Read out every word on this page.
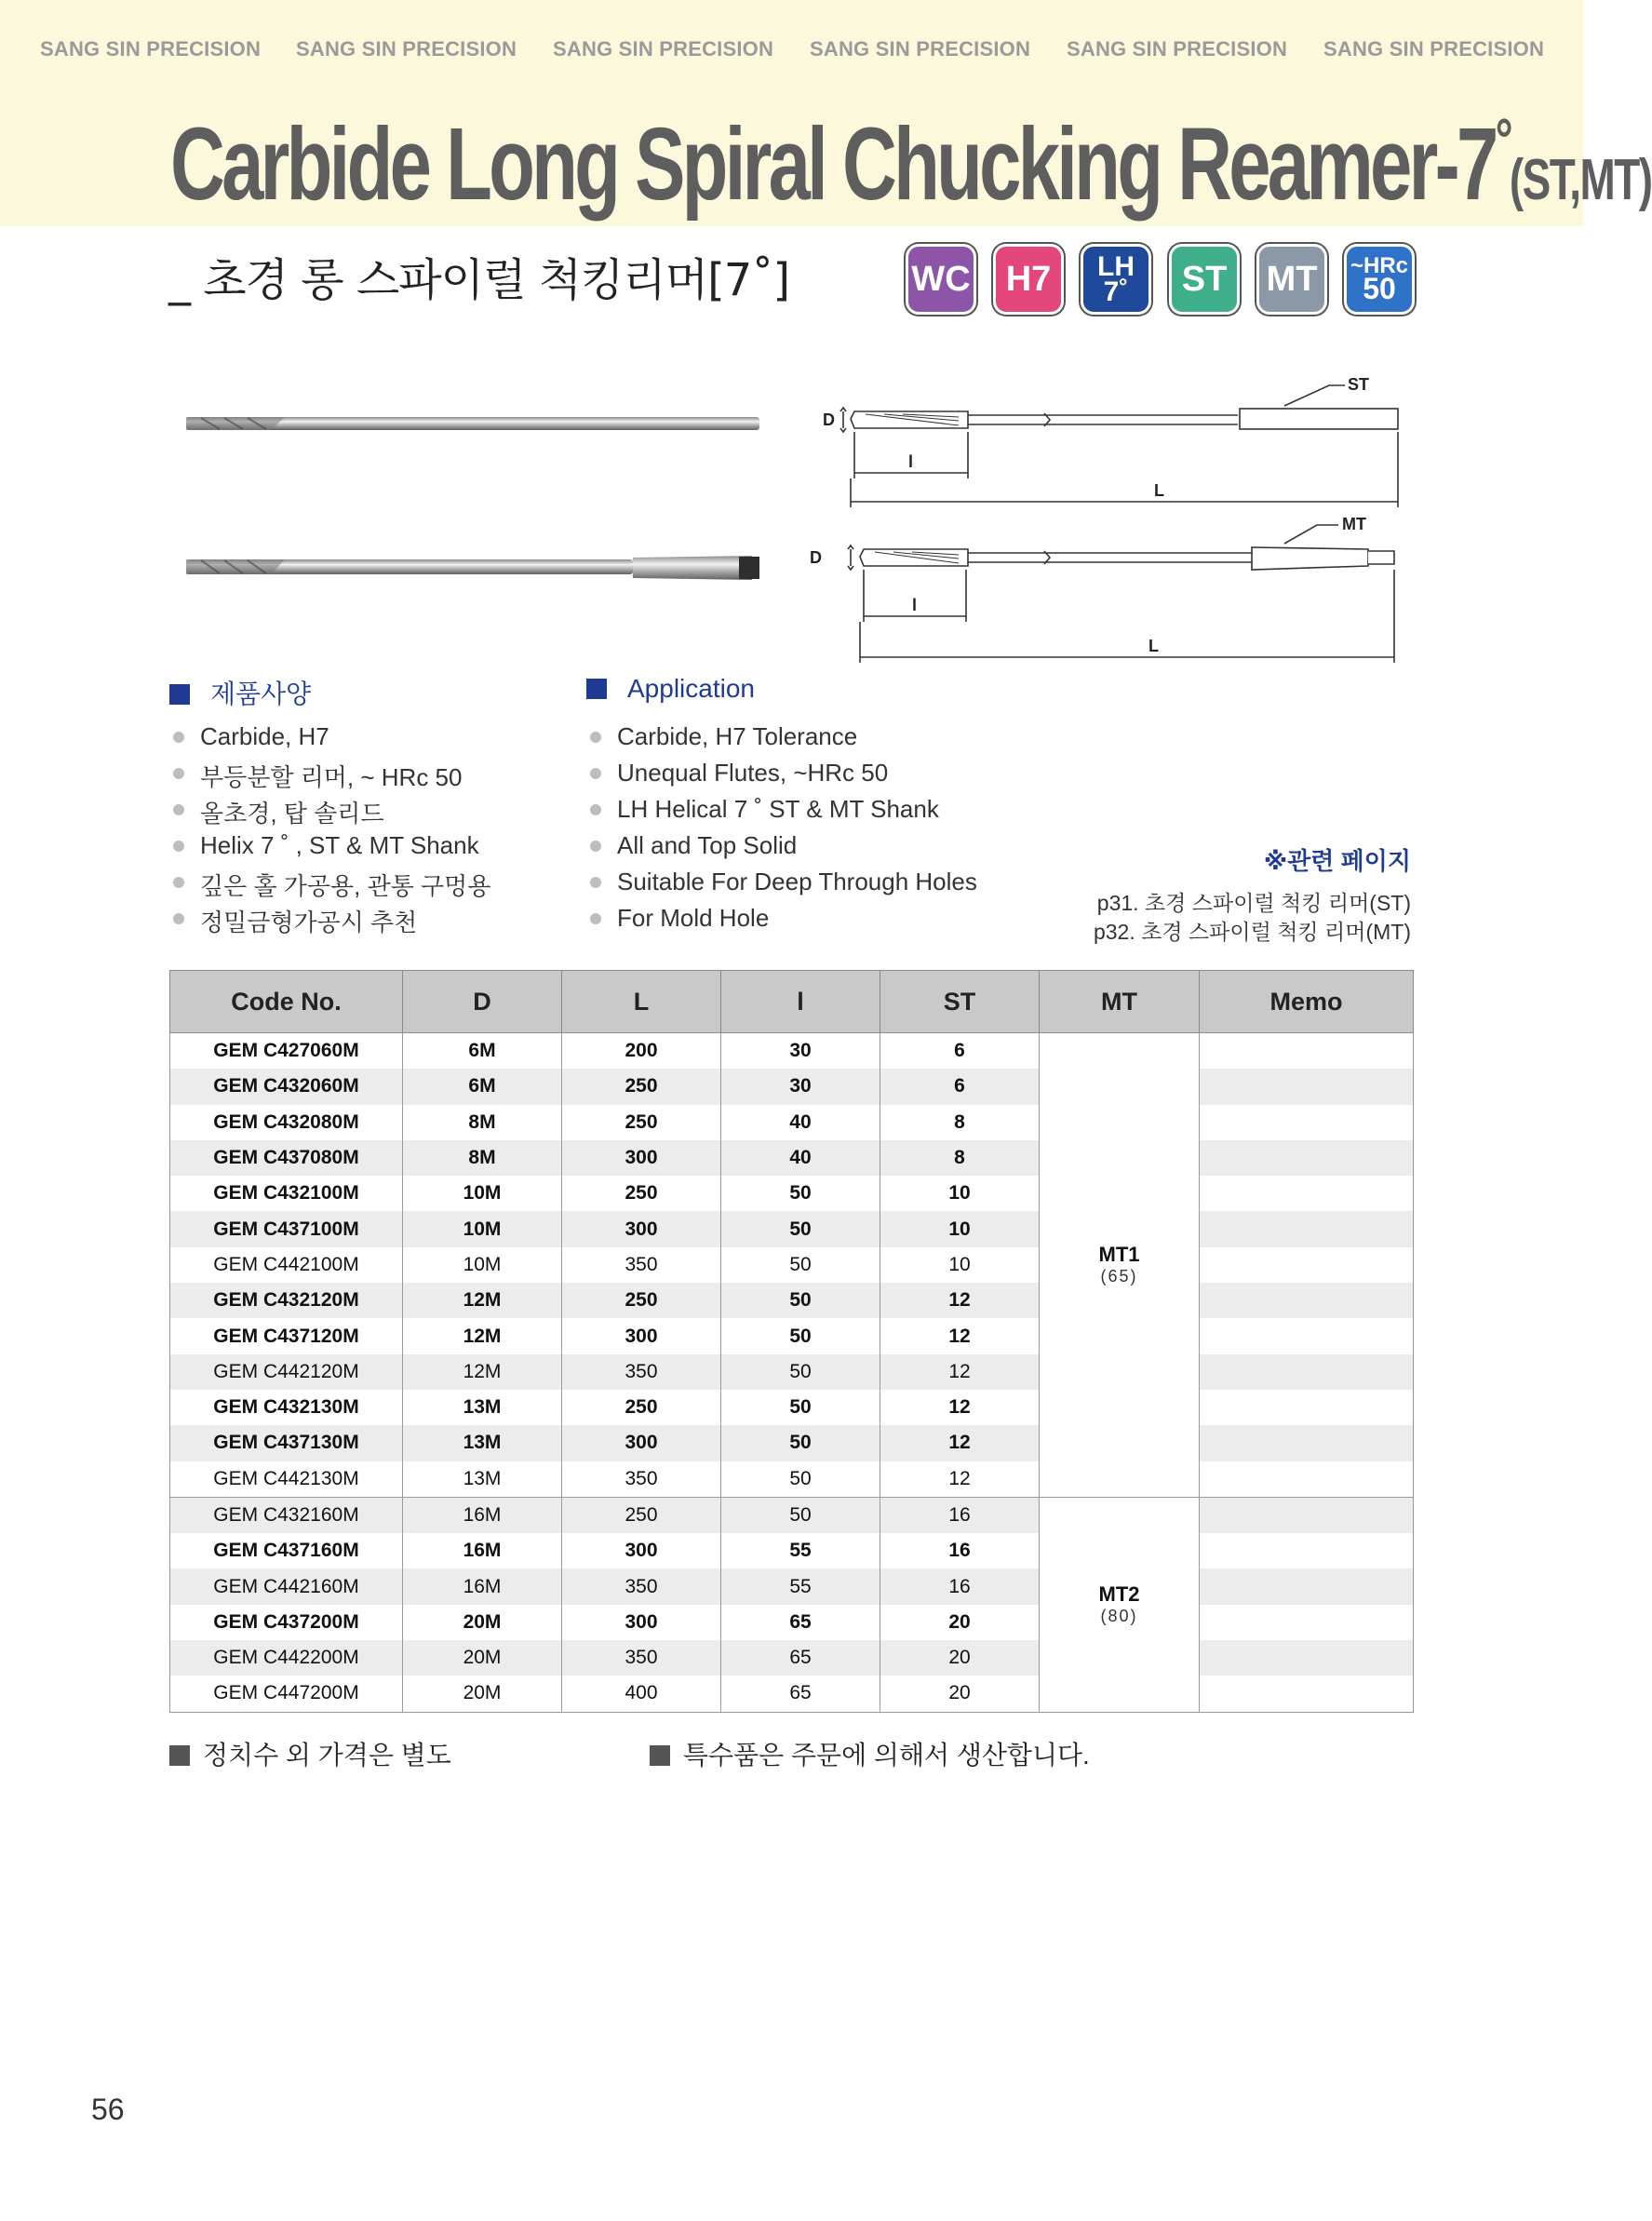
SANG SIN PRECISION SANG SIN PRECISION SANG SIN PRECISION SANG SIN PRECISION SANG SIN PRECISION SANG SIN PRECISION
Carbide Long Spiral Chucking Reamer-7°(ST,MT)
_ 초경 롱 스파이럴 척킹리머[7˚]	WC H7 LH
7˚ ST MT ~HRc
50
ST
D
l
L
MT
D
l
L
제품사양	Application
Carbide, H7
부등분할 리머, ~ HRc 50
올초경, 탑 솔리드
Helix 7 ˚ , ST & MT Shank
깊은 홀 가공용, 관통 구멍용
정밀금형가공시 추천
Carbide, H7 Tolerance
Unequal Flutes, ~HRc 50
LH Helical 7 ˚ ST & MT Shank
All and Top Solid
Suitable For Deep Through Holes
For Mold Hole
※관련 페이지
p31. 초경 스파이럴 척킹 리머(ST)
p32. 초경 스파이럴 척킹 리머(MT)
Code No.	D	L	l	ST	MT	Memo
GEM C427060M	6M	200	30	6	MT1
(65)	

GEM C432060M	6M	250	30	6		
GEM C432080M	8M	250	40	8		
GEM C437080M	8M	300	40	8		
GEM C432100M	10M	250	50	10		
GEM C437100M	10M	300	50	10		
GEM C442100M	10M	350	50	10		
GEM C432120M	12M	250	50	12		
GEM C437120M	12M	300	50	12		
GEM C442120M	12M	350	50	12		
GEM C432130M	13M	250	50	12		
GEM C437130M	13M	300	50	12		
GEM C442130M	13M	350	50	12		
GEM C432160M	16M	250	50	16	MT2
(80)	

GEM C437160M	16M	300	55	16		
GEM C442160M	16M	350	55	16		
GEM C437200M	20M	300	65	20		
GEM C442200M	20M	350	65	20		
GEM C447200M	20M	400	65	20		
정치수 외 가격은 별도	특수품은 주문에 의해서 생산합니다.
56
